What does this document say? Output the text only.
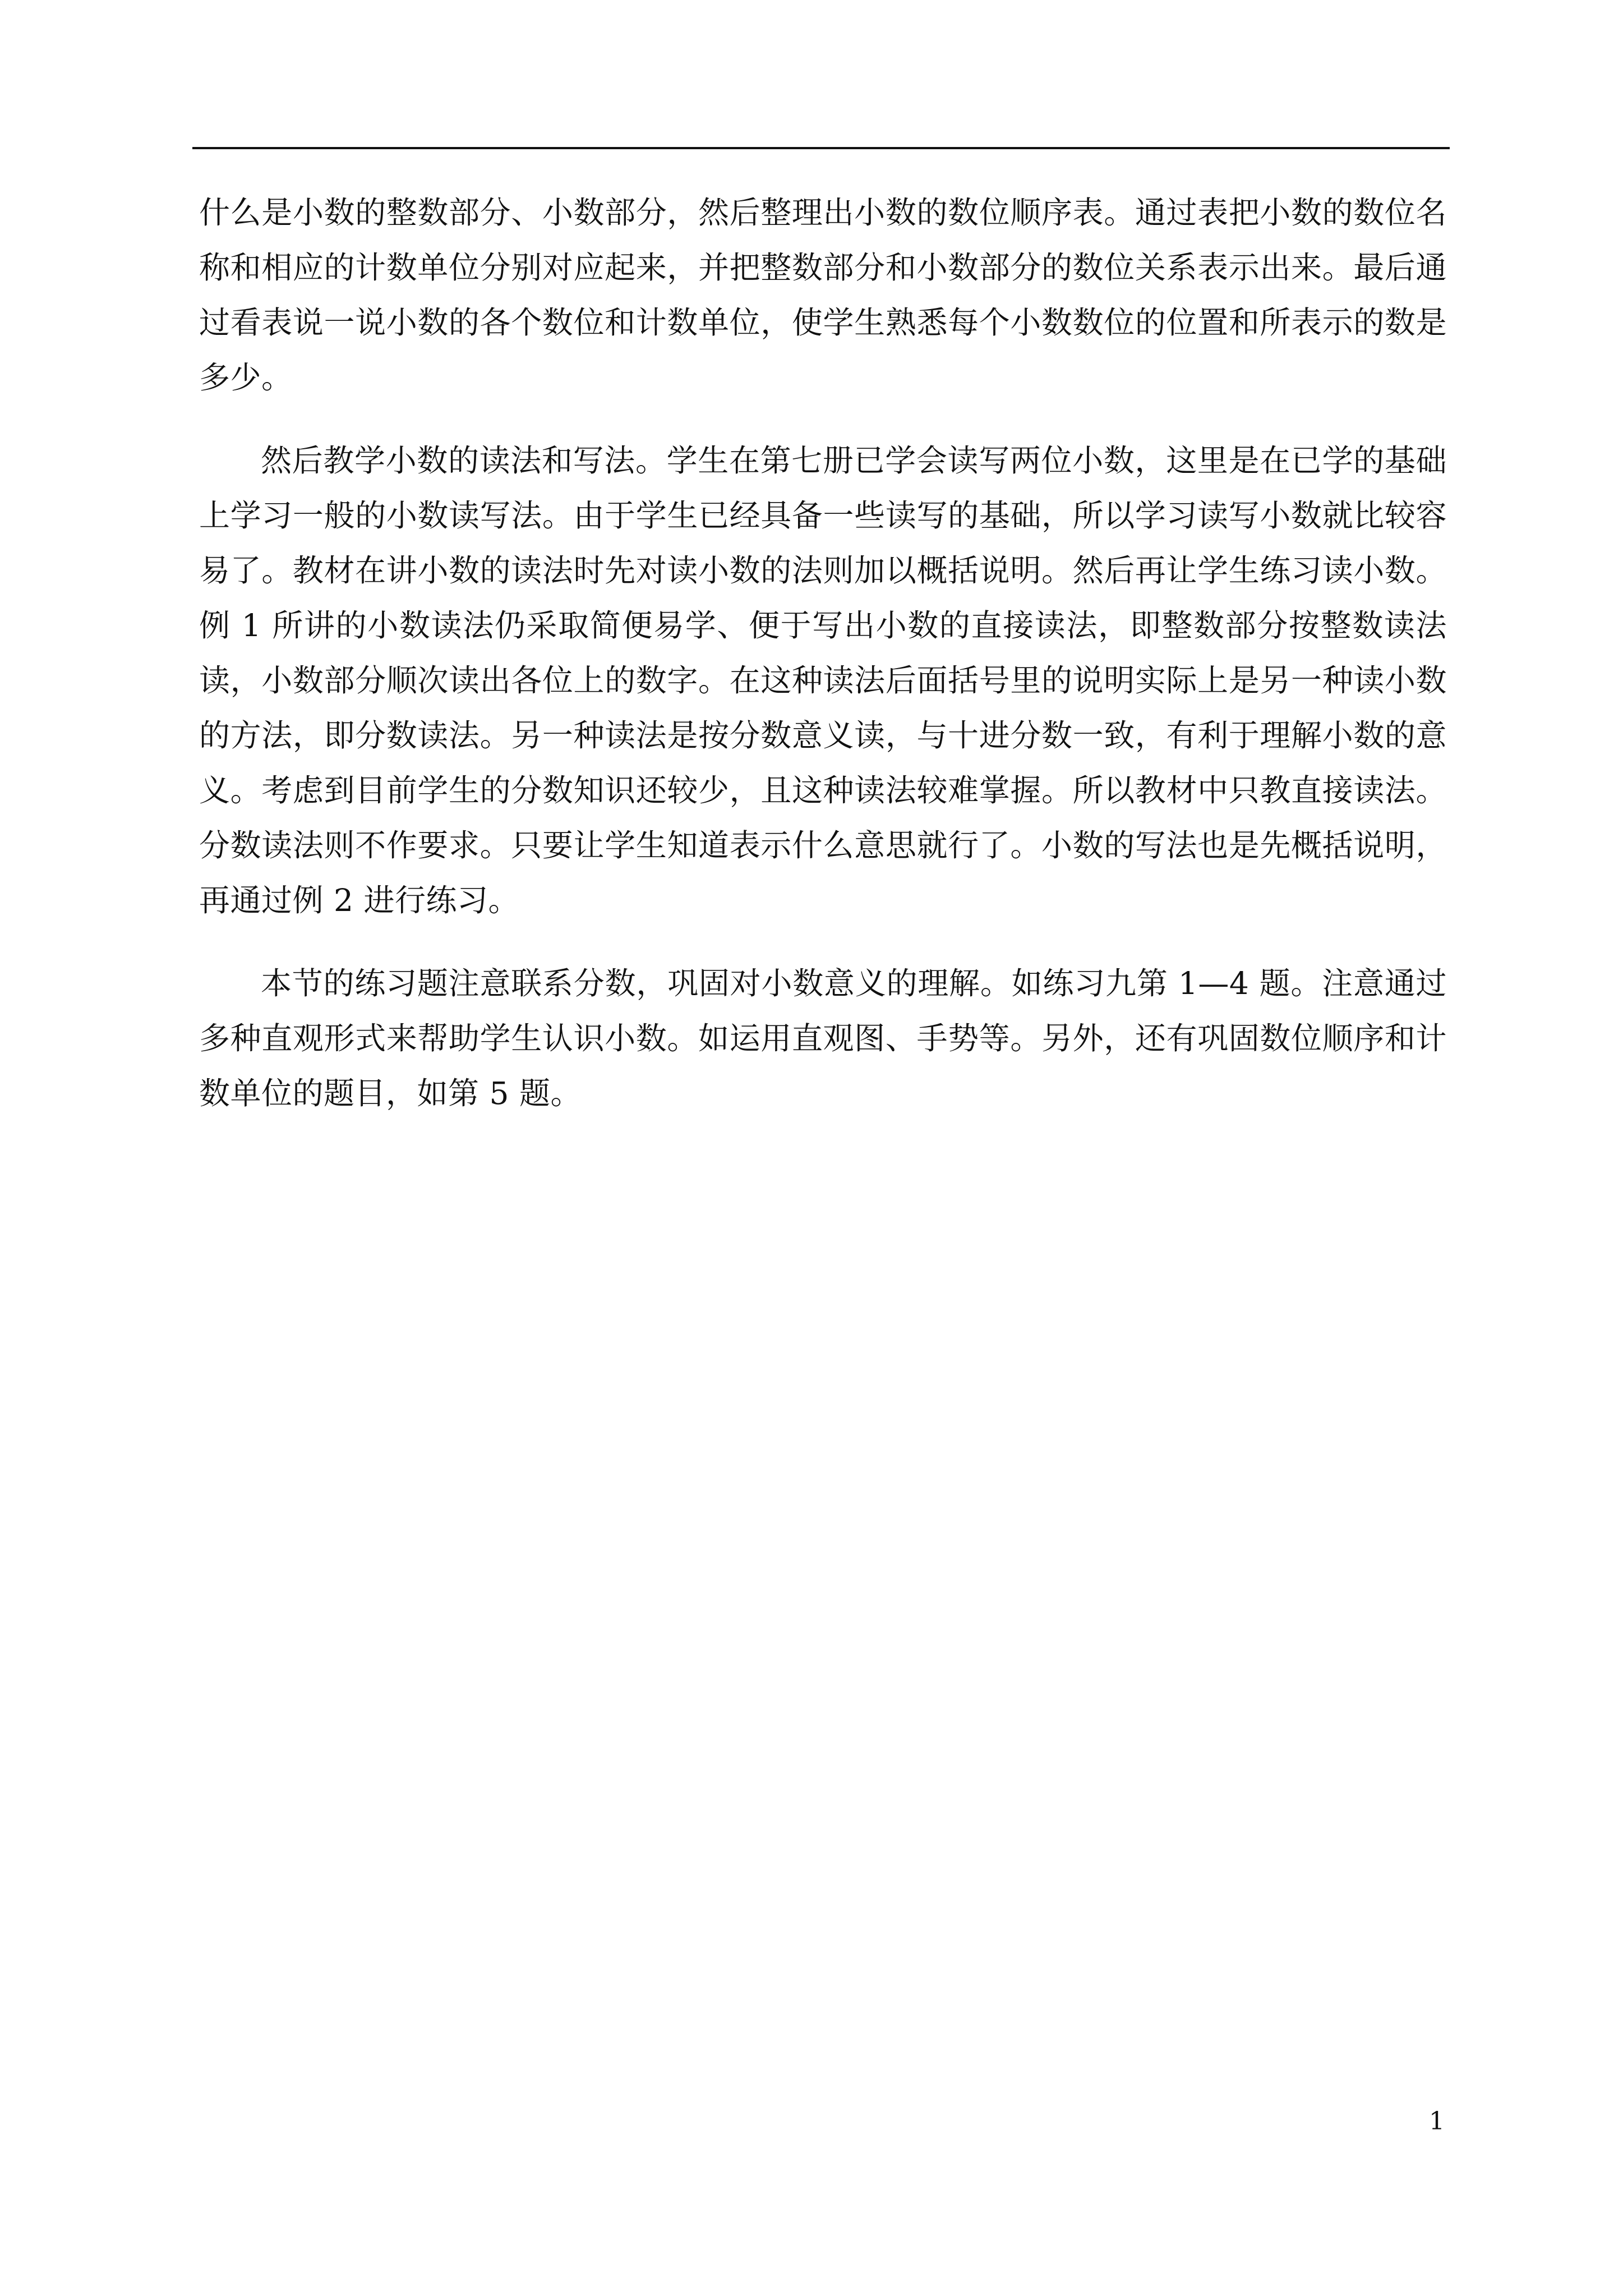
什么是小数的整数部分、小数部分，然后整理出小数的数位顺序表。通过表把小数的数位名称和相应的计数单位分别对应起来，并把整数部分和小数部分的数位关系表示出来。最后通过看表说一说小数的各个数位和计数单位，使学生熟悉每个小数数位的位置和所表示的数是多少。

然后教学小数的读法和写法。学生在第七册已学会读写两位小数，这里是在已学的基础上学习一般的小数读写法。由于学生已经具备一些读写的基础，所以学习读写小数就比较容易了。教材在讲小数的读法时先对读小数的法则加以概括说明。然后再让学生练习读小数。例 1 所讲的小数读法仍采取简便易学、便于写出小数的直接读法，即整数部分按整数读法读，小数部分顺次读出各位上的数字。在这种读法后面括号里的说明实际上是另一种读小数的方法，即分数读法。另一种读法是按分数意义读，与十进分数一致，有利于理解小数的意义。考虑到目前学生的分数知识还较少，且这种读法较难掌握。所以教材中只教直接读法。分数读法则不作要求。只要让学生知道表示什么意思就行了。小数的写法也是先概括说明，再通过例 2 进行练习。

本节的练习题注意联系分数，巩固对小数意义的理解。如练习九第 1—4 题。注意通过多种直观形式来帮助学生认识小数。如运用直观图、手势等。另外，还有巩固数位顺序和计数单位的题目，如第 5 题。

1
